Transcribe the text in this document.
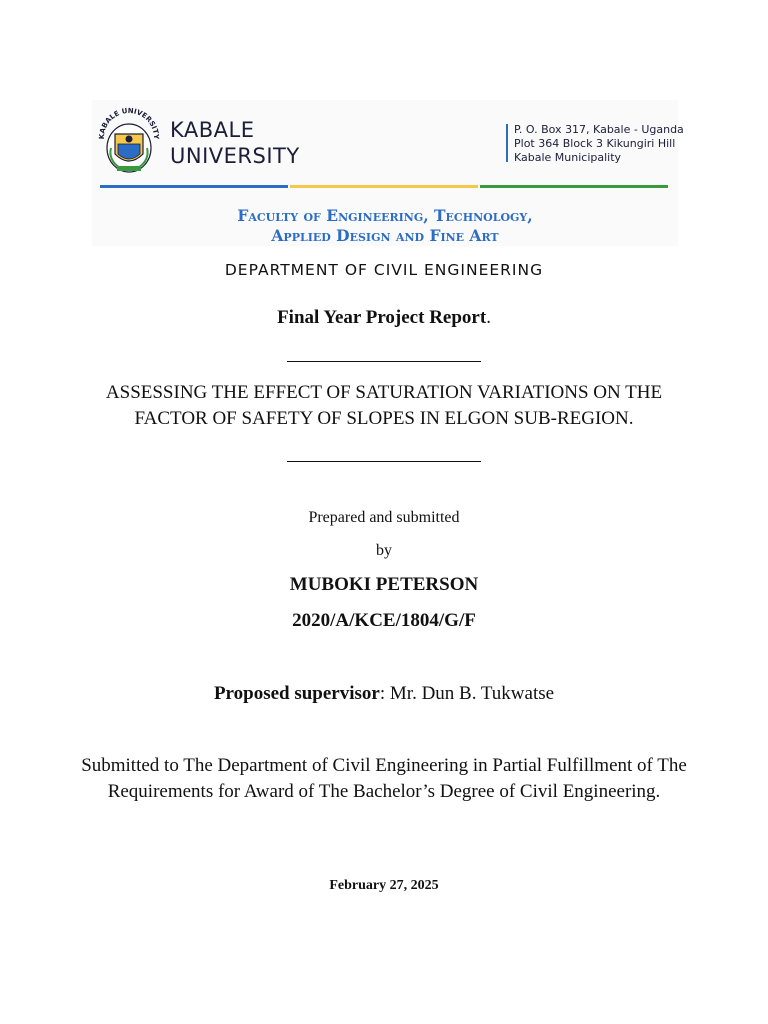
KABALE UNIVERSITY KABALE
UNIVERSITY
P. O. Box 317, Kabale - Uganda
Plot 364 Block 3 Kikungiri Hill
Kabale Municipality
Faculty of Engineering, Technology,
Applied Design and Fine Art
DEPARTMENT OF CIVIL ENGINEERING
Final Year Project Report.
ASSESSING THE EFFECT OF SATURATION VARIATIONS ON THE FACTOR OF SAFETY OF SLOPES IN ELGON SUB-REGION.
Prepared and submitted
by
MUBOKI PETERSON
2020/A/KCE/1804/G/F
Proposed supervisor: Mr. Dun B. Tukwatse
Submitted to The Department of Civil Engineering in Partial Fulfillment of The Requirements for Award of The Bachelor’s Degree of Civil Engineering.
February 27, 2025
